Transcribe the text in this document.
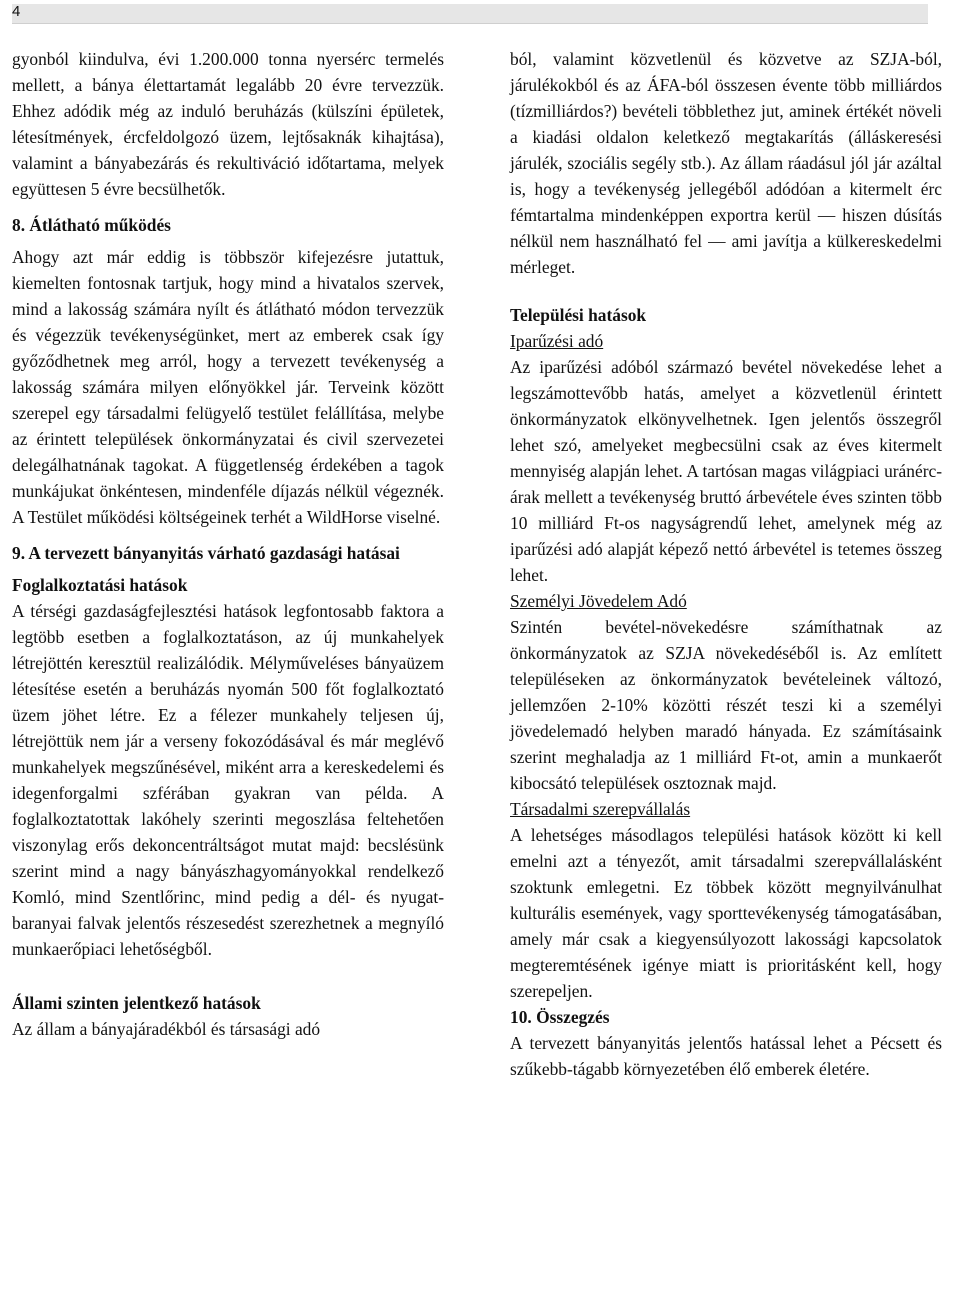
4

gyonból kiindulva, évi 1.200.000 tonna nyersérc termelés mellett, a bánya élettartamát legalább 20 évre tervezzük. Ehhez adódik még az induló beruházás (külszíni épületek, létesítmények, ércfeldolgozó üzem, lejtősaknák kihajtása), valamint a bányabezárás és rekultiváció időtartama, melyek együttesen 5 évre becsülhetők.

8. Átlátható működés

Ahogy azt már eddig is többször kifejezésre jutattuk, kiemelten fontosnak tartjuk, hogy mind a hivatalos szervek, mind a lakosság számára nyílt és átlátható módon tervezzük és végezzük tevékenységünket, mert az emberek csak így győződhetnek meg arról, hogy a tervezett tevékenység a lakosság számára milyen előnyökkel jár. Terveink között szerepel egy társadalmi felügyelő testület felállítása, melybe az érintett települések önkormányzatai és civil szervezetei delegálhatnának tagokat. A függetlenség érdekében a tagok munkájukat önkéntesen, mindenféle díjazás nélkül végeznék. A Testület működési költségeinek terhét a WildHorse viselné.

9. A tervezett bányanyitás várható gazdasági hatásai
Foglalkoztatási hatások

A térségi gazdaságfejlesztési hatások legfontosabb faktora a legtöbb esetben a foglalkoztatáson, az új munkahelyek létrejöttén keresztül realizálódik. Mélyműveléses bányaüzem létesítése esetén a beruházás nyomán 500 főt foglalkoztató üzem jöhet létre. Ez a félezer munkahely teljesen új, létrejöttük nem jár a verseny fokozódásával és már meglévő munkahelyek megszűnésével, miként arra a kereskedelemi és idegenforgalmi szférában gyakran van példa. A foglalkoztatottak lakóhely szerinti megoszlása feltehetően viszonylag erős dekoncentráltságot mutat majd: becslésünk szerint mind a nagy bányászhagyományokkal rendelkező Komló, mind Szentlőrinc, mind pedig a dél- és nyugatbaranyai falvak jelentős részesedést szerezhetnek a megnyíló munkaerőpiaci lehetőségből.

Állami szinten jelentkező hatások

Az állam a bányajáradékból és társasági adó

ból, valamint közvetlenül és közvetve az SZJA-ból, járulékokból és az ÁFA-ból összesen évente több milliárdos (tízmilliárdos?) bevételi többlethez jut, aminek értékét növeli a kiadási oldalon keletkező megtakarítás (álláskeresési járulék, szociális segély stb.). Az állam ráadásul jól jár azáltal is, hogy a tevékenység jellegéből adódóan a kitermelt érc fémtartalma mindenképpen exportra kerül — hiszen dúsítás nélkül nem használható fel — ami javítja a külkereskedelmi mérleget.

Települési hatások
Iparűzési adó

Az iparűzési adóból származó bevétel növekedése lehet a legszámottevőbb hatás, amelyet a közvetlenül érintett önkormányzatok elkönyvelhetnek. Igen jelentős összegről lehet szó, amelyeket megbecsülni csak az éves kitermelt mennyiség alapján lehet. A tartósan magas világpiaci uránérc-árak mellett a tevékenység bruttó árbevétele éves szinten több 10 milliárd Ft-os nagyságrendű lehet, amelynek még az iparűzési adó alapját képező nettó árbevétel is tetemes összeg lehet.

Személyi Jövedelem Adó

Szintén bevétel-növekedésre számíthatnak az önkormányzatok az SZJA növekedéséből is. Az említett településeken az önkormányzatok bevételeinek változó, jellemzően 2-10% közötti részét teszi ki a személyi jövedelemadó helyben maradó hányada. Ez számításaink szerint meghaladja az 1 milliárd Ft-ot, amin a munkaerőt kibocsátó települések osztoznak majd.

Társadalmi szerepvállalás

A lehetséges másodlagos települési hatások között ki kell emelni azt a tényezőt, amit társadalmi szerepvállalásként szoktunk emlegetni. Ez többek között megnyilvánulhat kulturális események, vagy sporttevékenység támogatásában, amely már csak a kiegyensúlyozott lakossági kapcsolatok megteremtésének igénye miatt is prioritásként kell, hogy szerepeljen.

10. Összegzés

A tervezett bányanyitás jelentős hatással lehet a Pécsett és szűkebb-tágabb környezetében élő emberek életére.
